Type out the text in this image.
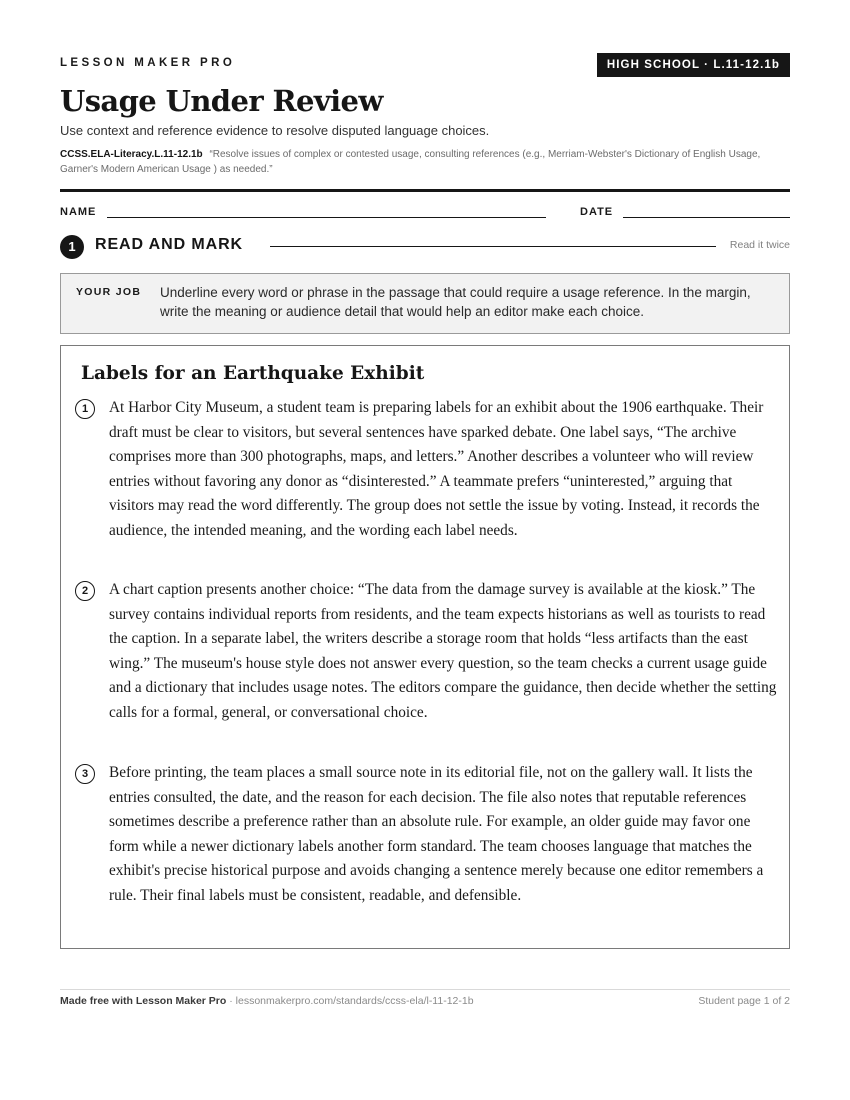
LESSON MAKER PRO	HIGH SCHOOL · L.11-12.1b
Usage Under Review
Use context and reference evidence to resolve disputed language choices.
CCSS.ELA-Literacy.L.11-12.1b “Resolve issues of complex or contested usage, consulting references (e.g., Merriam-Webster's Dictionary of English Usage, Garner's Modern American Usage ) as needed.”
NAME	DATE
1	READ AND MARK	Read it twice
YOUR JOB Underline every word or phrase in the passage that could require a usage reference. In the margin, write the meaning or audience detail that would help an editor make each choice.
Labels for an Earthquake Exhibit
1	At Harbor City Museum, a student team is preparing labels for an exhibit about the 1906 earthquake. Their draft must be clear to visitors, but several sentences have sparked debate. One label says, “The archive comprises more than 300 photographs, maps, and letters.” Another describes a volunteer who will review entries without favoring any donor as “disinterested.” A teammate prefers “uninterested,” arguing that visitors may read the word differently. The group does not settle the issue by voting. Instead, it records the audience, the intended meaning, and the wording each label needs.

2	A chart caption presents another choice: “The data from the damage survey is available at the kiosk.” The survey contains individual reports from residents, and the team expects historians as well as tourists to read the caption. In a separate label, the writers describe a storage room that holds “less artifacts than the east wing.” The museum's house style does not answer every question, so the team checks a current usage guide and a dictionary that includes usage notes. The editors compare the guidance, then decide whether the setting calls for a formal, general, or conversational choice.

3	Before printing, the team places a small source note in its editorial file, not on the gallery wall. It lists the entries consulted, the date, and the reason for each decision. The file also notes that reputable references sometimes describe a preference rather than an absolute rule. For example, an older guide may favor one form while a newer dictionary labels another form standard. The team chooses language that matches the exhibit's precise historical purpose and avoids changing a sentence merely because one editor remembers a rule. Their final labels must be consistent, readable, and defensible.

Made free with Lesson Maker Pro · lessonmakerpro.com/standards/ccss-ela/l-11-12-1b	Student page 1 of 2
